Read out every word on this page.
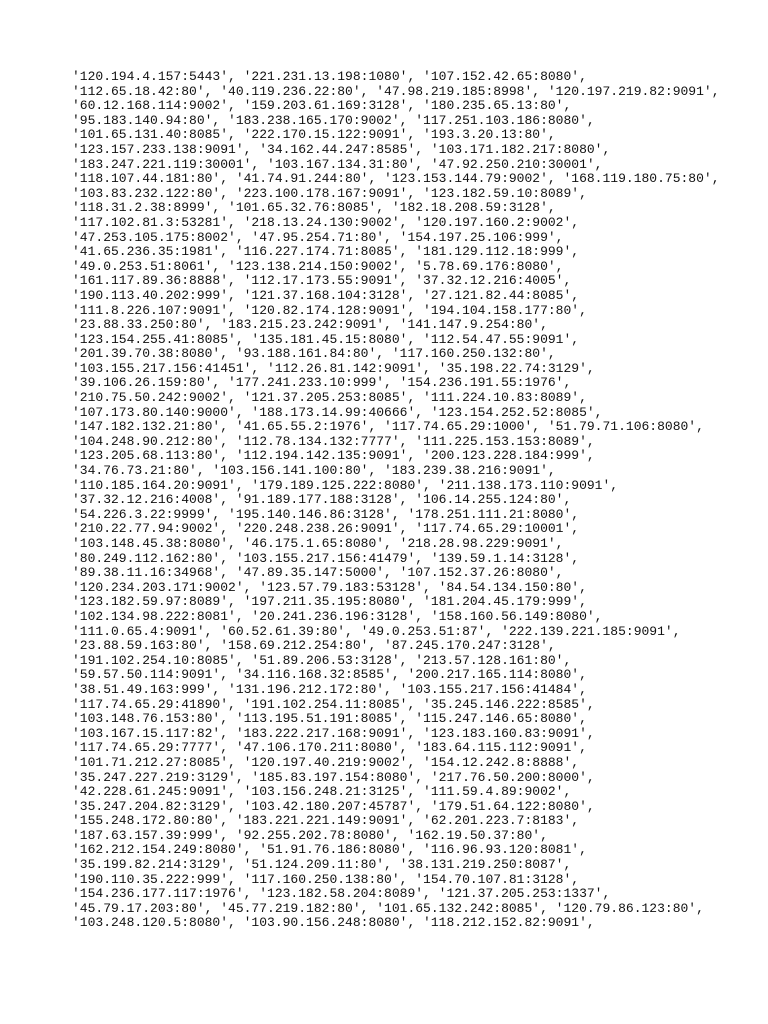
'120.194.4.157:5443', '221.231.13.198:1080', '107.152.42.65:8080',
'112.65.18.42:80', '40.119.236.22:80', '47.98.219.185:8998', '120.197.219.82:9091',
'60.12.168.114:9002', '159.203.61.169:3128', '180.235.65.13:80',
'95.183.140.94:80', '183.238.165.170:9002', '117.251.103.186:8080',
'101.65.131.40:8085', '222.170.15.122:9091', '193.3.20.13:80',
'123.157.233.138:9091', '34.162.44.247:8585', '103.171.182.217:8080',
'183.247.221.119:30001', '103.167.134.31:80', '47.92.250.210:30001',
'118.107.44.181:80', '41.74.91.244:80', '123.153.144.79:9002', '168.119.180.75:80',
'103.83.232.122:80', '223.100.178.167:9091', '123.182.59.10:8089',
'118.31.2.38:8999', '101.65.32.76:8085', '182.18.208.59:3128',
'117.102.81.3:53281', '218.13.24.130:9002', '120.197.160.2:9002',
'47.253.105.175:8002', '47.95.254.71:80', '154.197.25.106:999',
'41.65.236.35:1981', '116.227.174.71:8085', '181.129.112.18:999',
'49.0.253.51:8061', '123.138.214.150:9002', '5.78.69.176:8080',
'161.117.89.36:8888', '112.17.173.55:9091', '37.32.12.216:4005',
'190.113.40.202:999', '121.37.168.104:3128', '27.121.82.44:8085',
'111.8.226.107:9091', '120.82.174.128:9091', '194.104.158.177:80',
'23.88.33.250:80', '183.215.23.242:9091', '141.147.9.254:80',
'123.154.255.41:8085', '135.181.45.15:8080', '112.54.47.55:9091',
'201.39.70.38:8080', '93.188.161.84:80', '117.160.250.132:80',
'103.155.217.156:41451', '112.26.81.142:9091', '35.198.22.74:3129',
'39.106.26.159:80', '177.241.233.10:999', '154.236.191.55:1976',
'210.75.50.242:9002', '121.37.205.253:8085', '111.224.10.83:8089',
'107.173.80.140:9000', '188.173.14.99:40666', '123.154.252.52:8085',
'147.182.132.21:80', '41.65.55.2:1976', '117.74.65.29:1000', '51.79.71.106:8080',
'104.248.90.212:80', '112.78.134.132:7777', '111.225.153.153:8089',
'123.205.68.113:80', '112.194.142.135:9091', '200.123.228.184:999',
'34.76.73.21:80', '103.156.141.100:80', '183.239.38.216:9091',
'110.185.164.20:9091', '179.189.125.222:8080', '211.138.173.110:9091',
'37.32.12.216:4008', '91.189.177.188:3128', '106.14.255.124:80',
'54.226.3.22:9999', '195.140.146.86:3128', '178.251.111.21:8080',
'210.22.77.94:9002', '220.248.238.26:9091', '117.74.65.29:10001',
'103.148.45.38:8080', '46.175.1.65:8080', '218.28.98.229:9091',
'80.249.112.162:80', '103.155.217.156:41479', '139.59.1.14:3128',
'89.38.11.16:34968', '47.89.35.147:5000', '107.152.37.26:8080',
'120.234.203.171:9002', '123.57.79.183:53128', '84.54.134.150:80',
'123.182.59.97:8089', '197.211.35.195:8080', '181.204.45.179:999',
'102.134.98.222:8081', '20.241.236.196:3128', '158.160.56.149:8080',
'111.0.65.4:9091', '60.52.61.39:80', '49.0.253.51:87', '222.139.221.185:9091',
'23.88.59.163:80', '158.69.212.254:80', '87.245.170.247:3128',
'191.102.254.10:8085', '51.89.206.53:3128', '213.57.128.161:80',
'59.57.50.114:9091', '34.116.168.32:8585', '200.217.165.114:8080',
'38.51.49.163:999', '131.196.212.172:80', '103.155.217.156:41484',
'117.74.65.29:41890', '191.102.254.11:8085', '35.245.146.222:8585',
'103.148.76.153:80', '113.195.51.191:8085', '115.247.146.65:8080',
'103.167.15.117:82', '183.222.217.168:9091', '123.183.160.83:9091',
'117.74.65.29:7777', '47.106.170.211:8080', '183.64.115.112:9091',
'101.71.212.27:8085', '120.197.40.219:9002', '154.12.242.8:8888',
'35.247.227.219:3129', '185.83.197.154:8080', '217.76.50.200:8000',
'42.228.61.245:9091', '103.156.248.21:3125', '111.59.4.89:9002',
'35.247.204.82:3129', '103.42.180.207:45787', '179.51.64.122:8080',
'155.248.172.80:80', '183.221.221.149:9091', '62.201.223.7:8183',
'187.63.157.39:999', '92.255.202.78:8080', '162.19.50.37:80',
'162.212.154.249:8080', '51.91.76.186:8080', '116.96.93.120:8081',
'35.199.82.214:3129', '51.124.209.11:80', '38.131.219.250:8087',
'190.110.35.222:999', '117.160.250.138:80', '154.70.107.81:3128',
'154.236.177.117:1976', '123.182.58.204:8089', '121.37.205.253:1337',
'45.79.17.203:80', '45.77.219.182:80', '101.65.132.242:8085', '120.79.86.123:80',
'103.248.120.5:8080', '103.90.156.248:8080', '118.212.152.82:9091',
